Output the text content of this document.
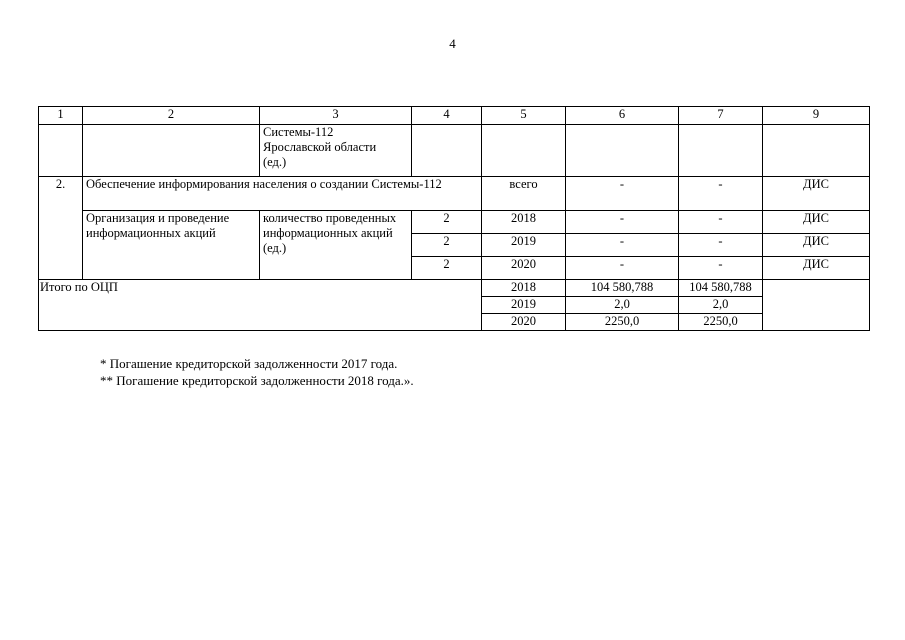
4
1	2	3	4	5	6	7	9

		Системы-112
Ярославской области
(ед.)					

2.	Обеспечение информирования населения о создании Системы-112			всего	-	-	ДИС
	Организация и проведение информационных акций	количество проведенных информационных акций (ед.)	2	2018	-	-	ДИС
			2	2019	-	-	ДИС
			2	2020	-	-	ДИС
Итого по ОЦП				2018	104 580,788	104 580,788	
				2019	2,0	2,0	
				2020	2250,0	2250,0	
* Погашение кредиторской задолженности 2017 года.
** Погашение кредиторской задолженности 2018 года.».
